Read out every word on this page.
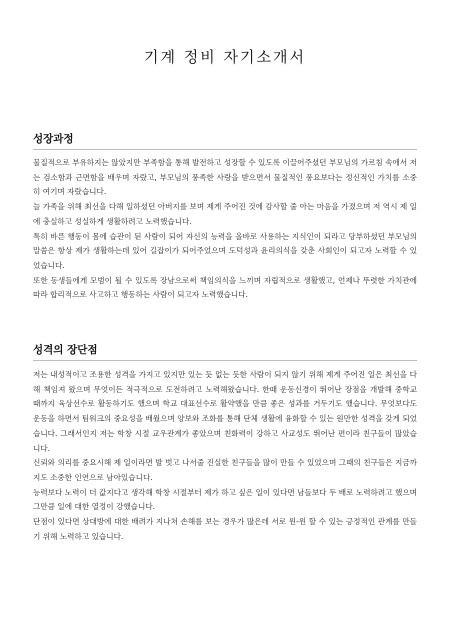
기계 정비 자기소개서
성장과정

물질적으로 부유하지는 않았지만 부족함을 통해 발전하고 성장할 수 있도록 이끌어주셨던 부모님의 가르침 속에서 저는 검소함과 근면함을 배우며 자랐고, 부모님의 풍족한 사랑을 받으면서 물질적인 풍요보다는 정신적인 가치를 소중히 여기며 자랐습니다.

늘 가족을 위해 최선을 다해 일하셨던 아버지를 보며 제게 주어진 것에 감사할 줄 아는 마음을 가졌으며 저 역시 제 일에 충실하고 성실하게 생활하려고 노력했습니다.

특히 바른 행동이 몸에 습관이 된 사람이 되어 자신의 능력을 올바로 사용하는 지식인이 되라고 당부하셨던 부모님의 말씀은 항상 제가 생활하는데 있어 길잡이가 되어주었으며 도덕성과 윤리의식을 갖춘 사회인이 되고자 노력할 수 있었습니다.

또한 동생들에게 모범이 될 수 있도록 장남으로써 책임의식을 느끼며 자립적으로 생활했고, 언제나 뚜렷한 가치관에 따라 합리적으로 사고하고 행동하는 사람이 되고자 노력했습니다.

성격의 장단점

저는 내성적이고 조용한 성격을 가지고 있지만 있는 듯 없는 듯한 사람이 되지 않기 위해 제게 주어진 일은 최선을 다해 책임져 왔으며 무엇이든 적극적으로 도전하려고 노력해왔습니다. 한때 운동신경이 뛰어난 장점을 개발해 중학교 때까지 육상선수로 활동하기도 했으며 학교 대표선수로 활약했을 만큼 좋은 성과를 거두기도 했습니다. 무엇보다도 운동을 하면서 팀워크의 중요성을 배웠으며 양보와 조화를 통해 단체 생활에 융화할 수 있는 원만한 성격을 갖게 되었습니다. 그래서인지 저는 학창 시절 교우관계가 좋았으며 친화력이 강하고 사교성도 뛰어난 편이라 친구들이 많았습니다.

신뢰와 의리를 중요시해 제 일이라면 발 벗고 나서줄 진실한 친구들을 많이 만들 수 있었으며 그때의 친구들은 지금까지도 소중한 인연으로 남아있습니다.

능력보다 노력이 더 값지다고 생각해 학창 시절부터 제가 하고 싶은 일이 있다면 남들보다 두 배로 노력하려고 했으며 그만큼 일에 대한 열정이 강했습니다.

단점이 있다면 상대방에 대한 배려가 지나쳐 손해를 보는 경우가 많은데 서로 윈-윈 할 수 있는 긍정적인 관계를 만들기 위해 노력하고 있습니다.
